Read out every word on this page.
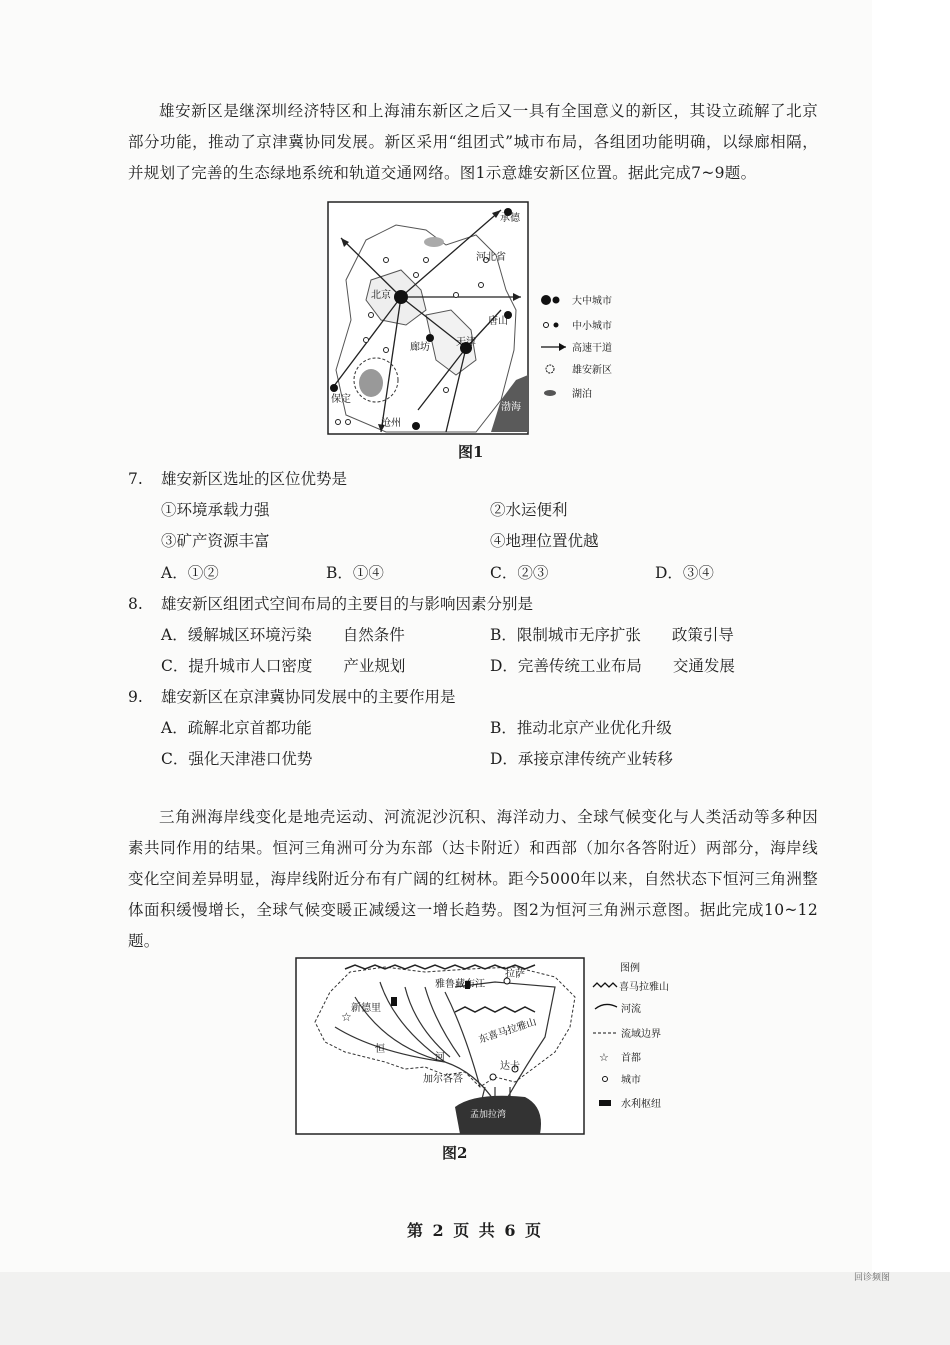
雄安新区是继深圳经济特区和上海浦东新区之后又一具有全国意义的新区，其设立疏解了北京部分功能，推动了京津冀协同发展。新区采用“组团式”城市布局，各组团功能明确，以绿廊相隔，并规划了完善的生态绿地系统和轨道交通网络。图1示意雄安新区位置。据此完成7~9题。

承德
河北省
北京
唐山
廊坊	天津
保定
沧州
渤海
大中城市
中小城市
高速干道
雄安新区
湖泊
图1
7. 雄安新区选址的区位优势是
①环境承载力强	②水运便利
③矿产资源丰富	④地理位置优越
A．①②	B．①④	C．②③	D．③④
8. 雄安新区组团式空间布局的主要目的与影响因素分别是
A．缓解城区环境污染　　自然条件	B．限制城市无序扩张　　政策引导
C．提升城市人口密度　　产业规划	D．完善传统工业布局　　交通发展
9. 雄安新区在京津冀协同发展中的主要作用是
A．疏解北京首都功能	B．推动北京产业优化升级
C．强化天津港口优势	D．承接京津传统产业转移

三角洲海岸线变化是地壳运动、河流泥沙沉积、海洋动力、全球气候变化与人类活动等多种因素共同作用的结果。恒河三角洲可分为东部（达卡附近）和西部（加尔各答附近）两部分，海岸线变化空间差异明显，海岸线附近分布有广阔的红树林。距今5000年以来，自然状态下恒河三角洲整体面积缓慢增长，全球气候变暖正减缓这一增长趋势。图2为恒河三角洲示意图。据此完成10~12题。

☆
雅鲁藏布江
拉萨
新德里
东喜马拉雅山
恒
河
加尔各答
达卡
孟加拉湾
图例
喜马拉雅山
河流
流域边界
☆ 首都
城市
水利枢纽
图2
第 2 页 共 6 页
回诊频图
